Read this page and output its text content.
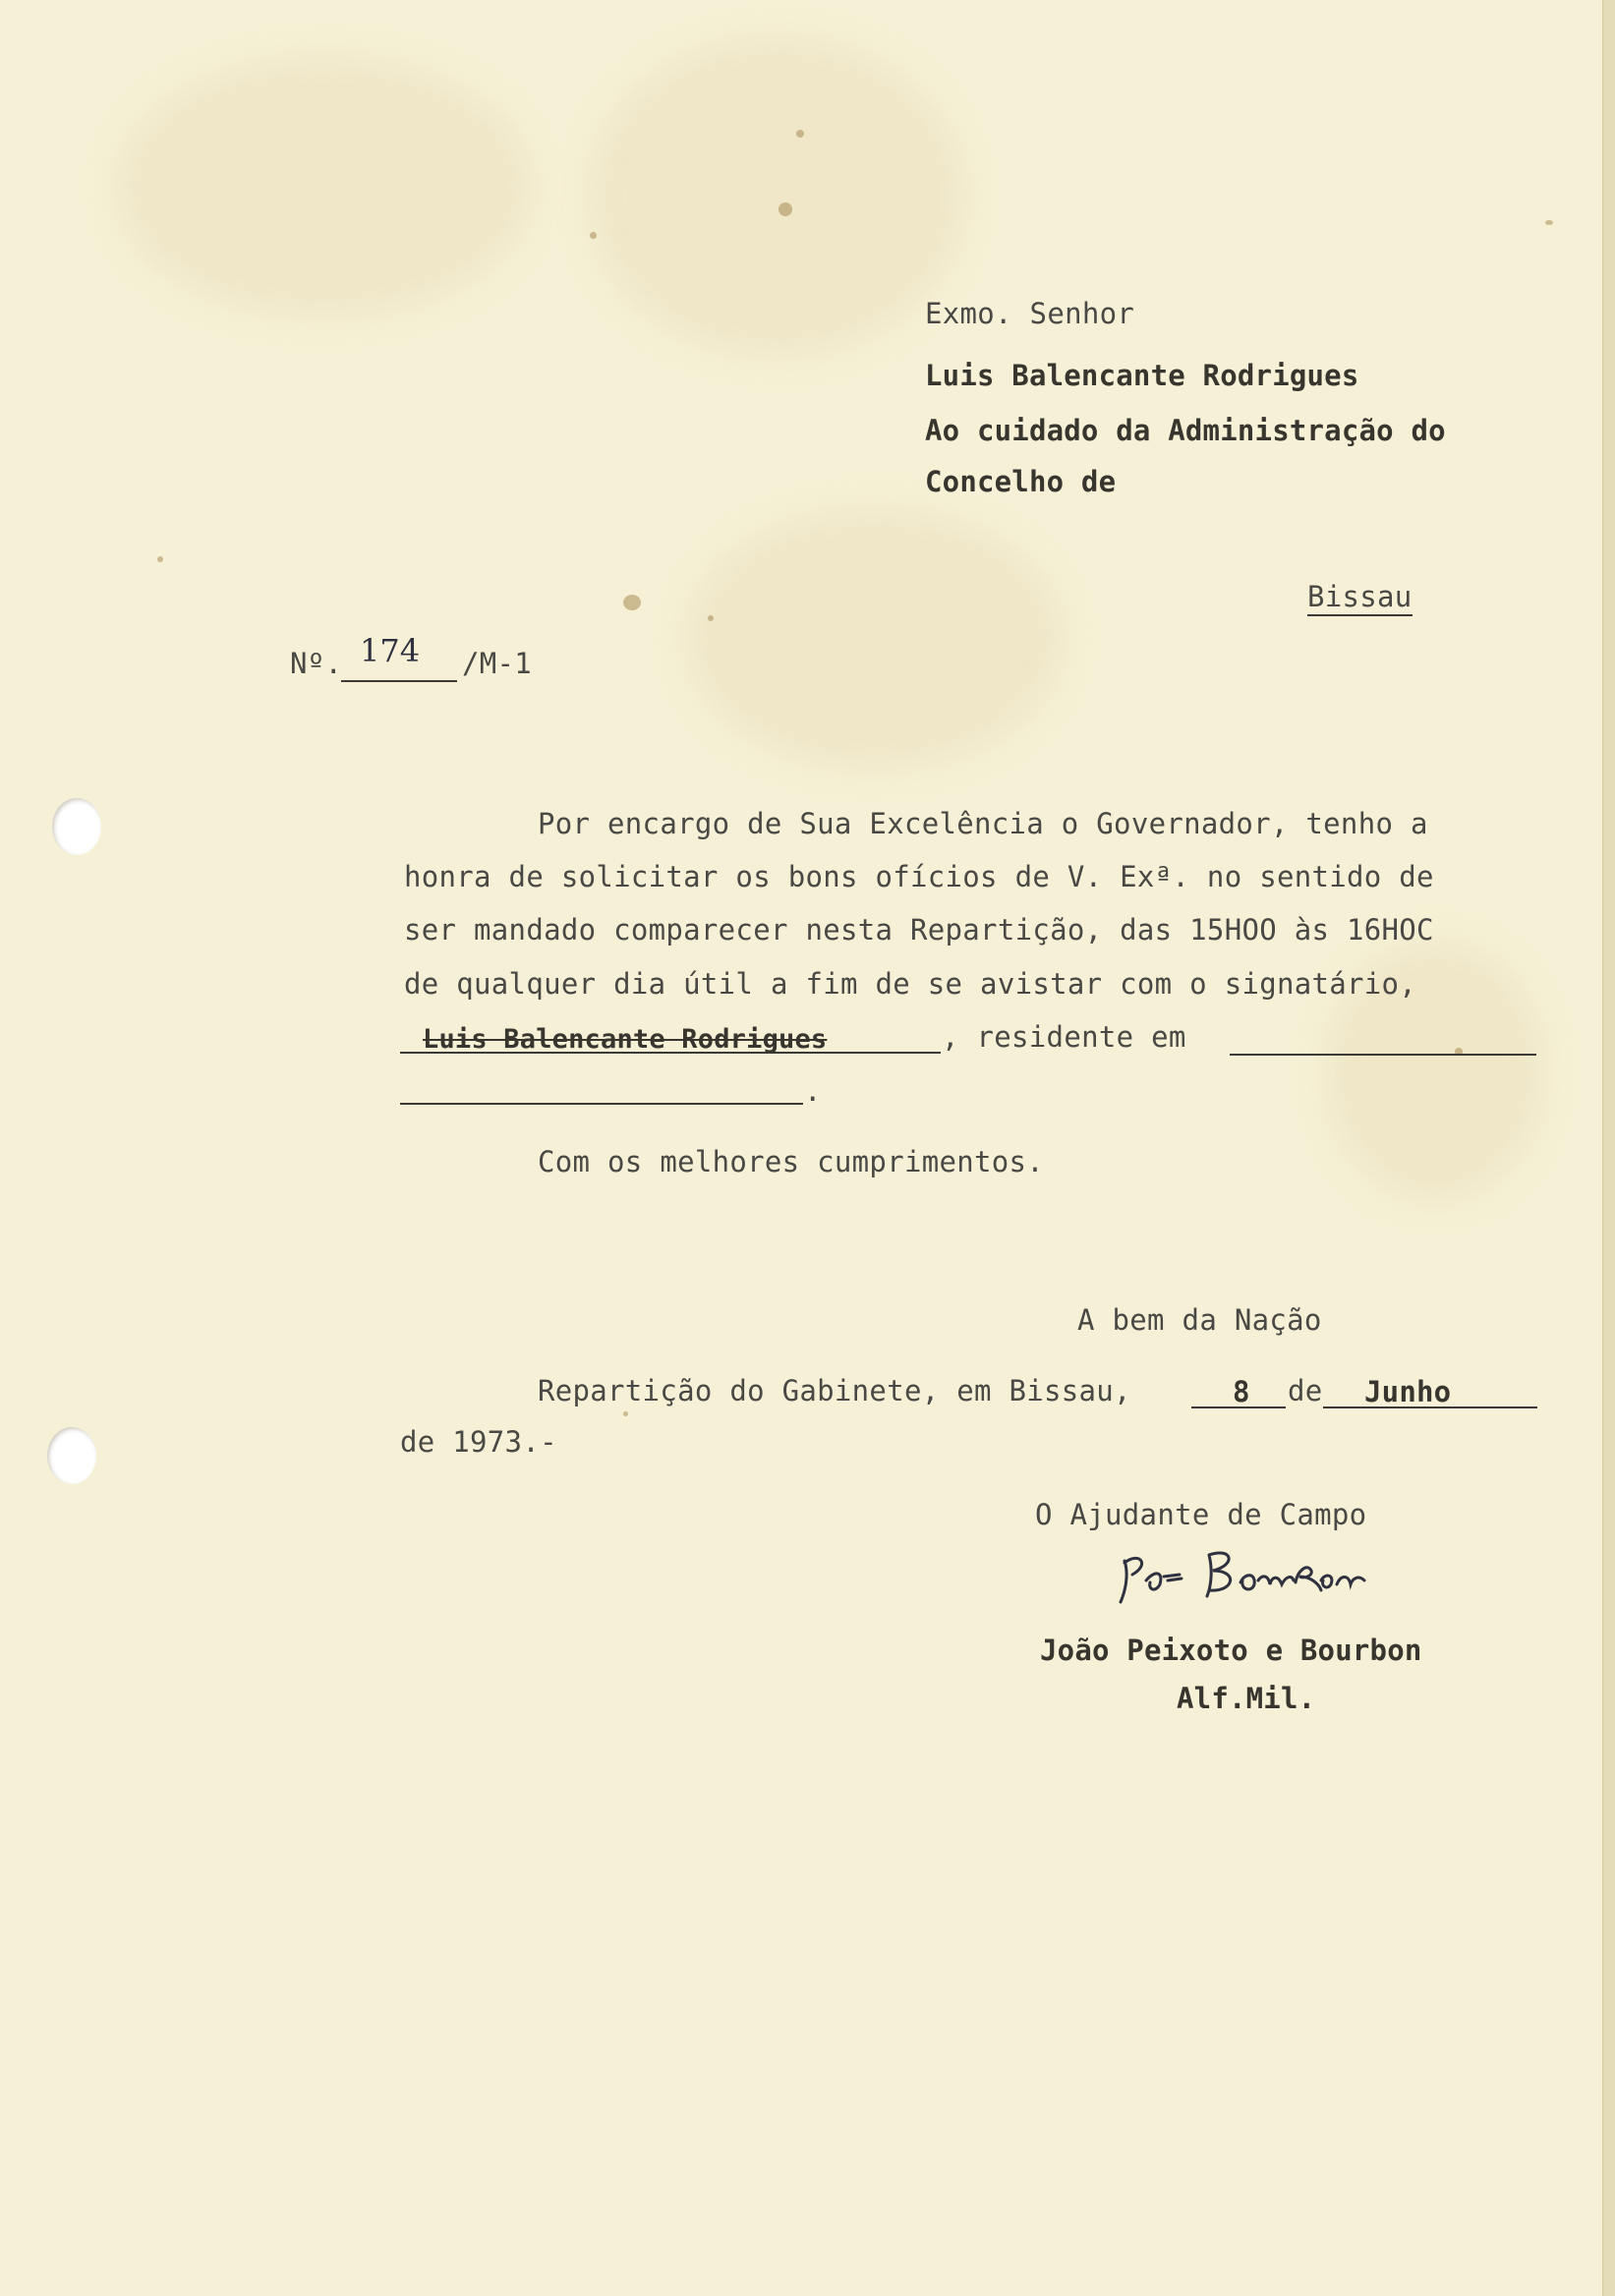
Exmo. Senhor
Luis Balencante Rodrigues
Ao cuidado da Administração do
Concelho de
Bissau
Nº. 174 /M-1
Por encargo de Sua Excelência o Governador, tenho a
honra de solicitar os bons ofícios de V. Exª. no sentido de
ser mandado comparecer nesta Repartição, das 15HOO às 16HOC
de qualquer dia útil a fim de se avistar com o signatário,
Luis Balencante Rodrigues	, residente em
.
Com os melhores cumprimentos.
A bem da Nação
Repartição do Gabinete, em Bissau,	8 de Junho
de 1973.-
O Ajudante de Campo
João Bourbon
João Peixoto e Bourbon
Alf.Mil.
